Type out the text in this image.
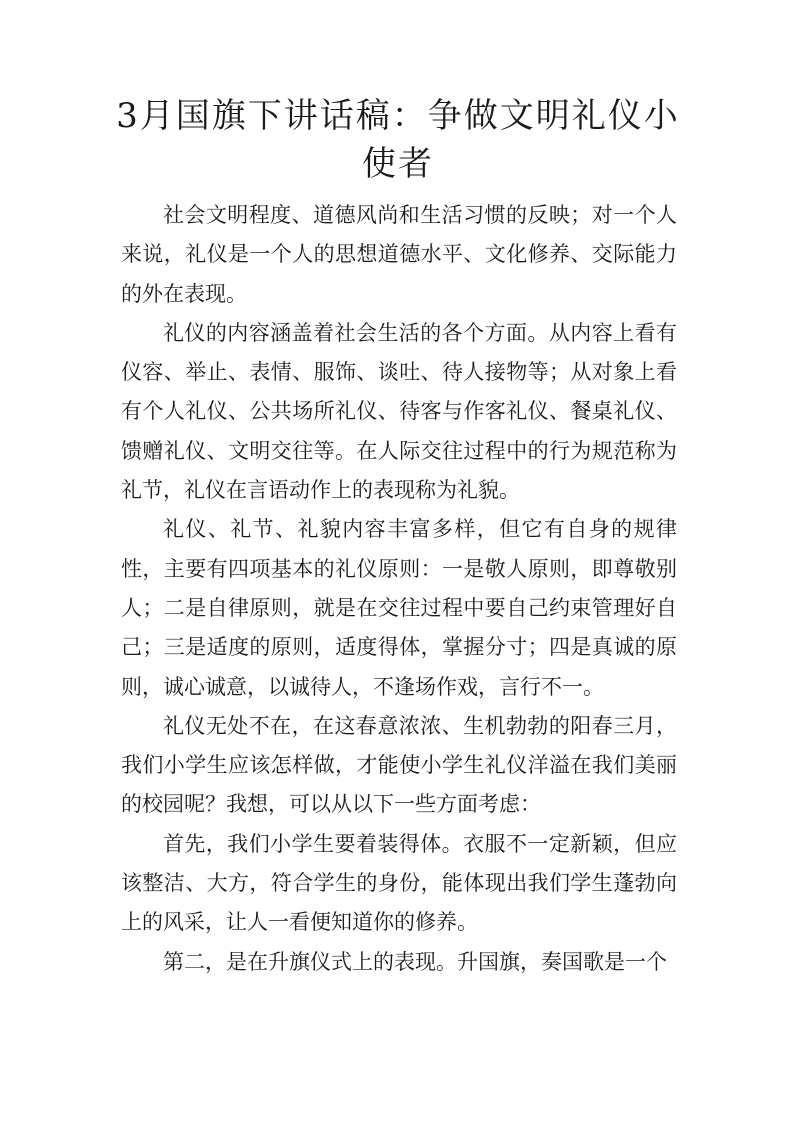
3月国旗下讲话稿：争做文明礼仪小使者

社会文明程度、道德风尚和生活习惯的反映；对一个人来说，礼仪是一个人的思想道德水平、文化修养、交际能力的外在表现。

礼仪的内容涵盖着社会生活的各个方面。从内容上看有仪容、举止、表情、服饰、谈吐、待人接物等；从对象上看有个人礼仪、公共场所礼仪、待客与作客礼仪、餐桌礼仪、馈赠礼仪、文明交往等。在人际交往过程中的行为规范称为礼节，礼仪在言语动作上的表现称为礼貌。

礼仪、礼节、礼貌内容丰富多样，但它有自身的规律性，主要有四项基本的礼仪原则：一是敬人原则，即尊敬别人；二是自律原则，就是在交往过程中要自己约束管理好自己；三是适度的原则，适度得体，掌握分寸；四是真诚的原则，诚心诚意，以诚待人，不逢场作戏，言行不一。

礼仪无处不在，在这春意浓浓、生机勃勃的阳春三月，我们小学生应该怎样做，才能使小学生礼仪洋溢在我们美丽的校园呢？我想，可以从以下一些方面考虑：

首先，我们小学生要着装得体。衣服不一定新颖，但应该整洁、大方，符合学生的身份，能体现出我们学生蓬勃向上的风采，让人一看便知道你的修养。

第二，是在升旗仪式上的表现。升国旗，奏国歌是一个
